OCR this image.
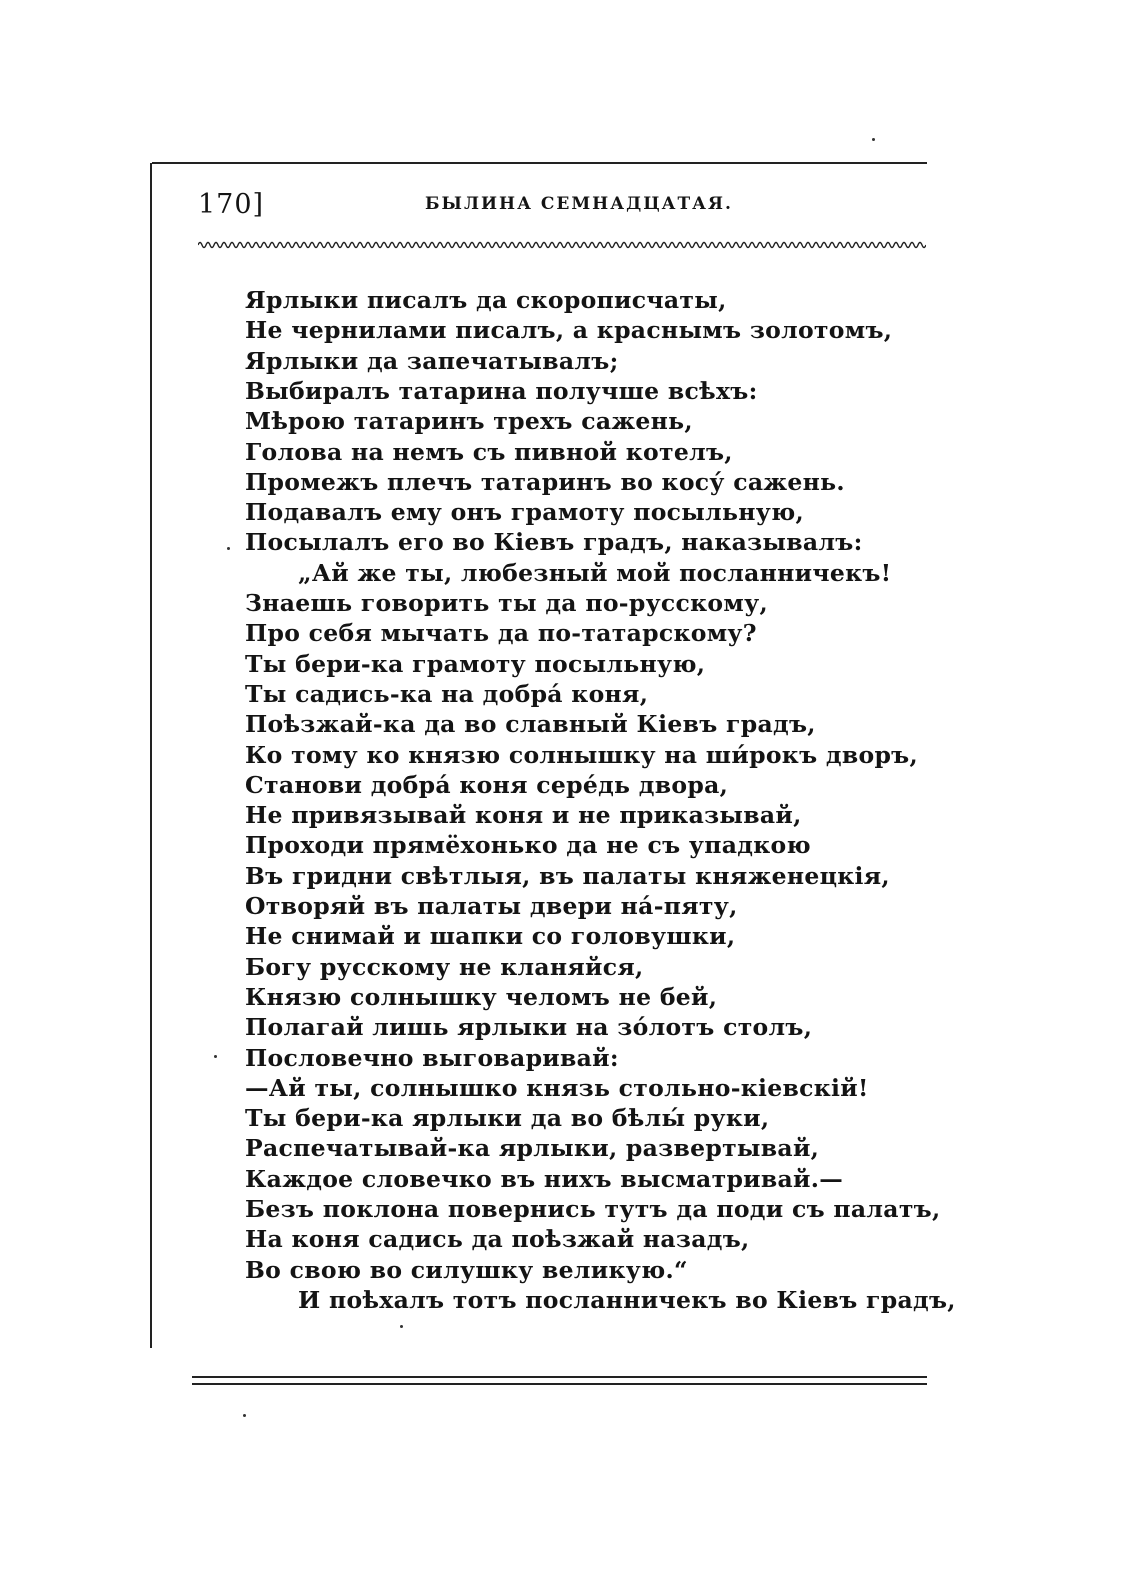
170]	БЫЛИНА СЕМНАДЦАТАЯ.
Ярлыки писалъ да скорописчаты,
Не чернилами писалъ, а краснымъ золотомъ,
Ярлыки да запечатывалъ;
Выбиралъ татарина получше всѣхъ:
Мѣрою татаринъ трехъ сажень,
Голова на немъ съ пивной котелъ,
Промежъ плечъ татаринъ во косу́ сажень.
Подавалъ ему онъ грамоту посыльную,
Посылалъ его во Кіевъ градъ, наказывалъ:
„Ай же ты, любезный мой посланничекъ!
Знаешь говорить ты да по-русскому,
Про себя мычать да по-татарскому?
Ты бери-ка грамоту посыльную,
Ты садись-ка на добра́ коня,
Поѣзжай-ка да во славный Кіевъ градъ,
Ко тому ко князю солнышку на ши́рокъ дворъ,
Станови добра́ коня сере́дь двора,
Не привязывай коня и не приказывай,
Проходи прямёхонько да не съ упадкою
Въ гридни свѣтлыя, въ палаты княженецкія,
Отворяй въ палаты двери на́-пяту,
Не снимай и шапки со головушки,
Богу русскому не кланяйся,
Князю солнышку челомъ не бей,
Полагай лишь ярлыки на зо́лотъ столъ,
Пословечно выговаривай:
—Ай ты, солнышко князь стольно-кіевскій!
Ты бери-ка ярлыки да во бѣлы́ руки,
Распечатывай-ка ярлыки, развертывай,
Каждое словечко въ нихъ высматривай.—
Безъ поклона повернись тутъ да поди съ палатъ,
На коня садись да поѣзжай назадъ,
Во свою во силушку великую.“
И поѣхалъ тотъ посланничекъ во Кіевъ градъ,
